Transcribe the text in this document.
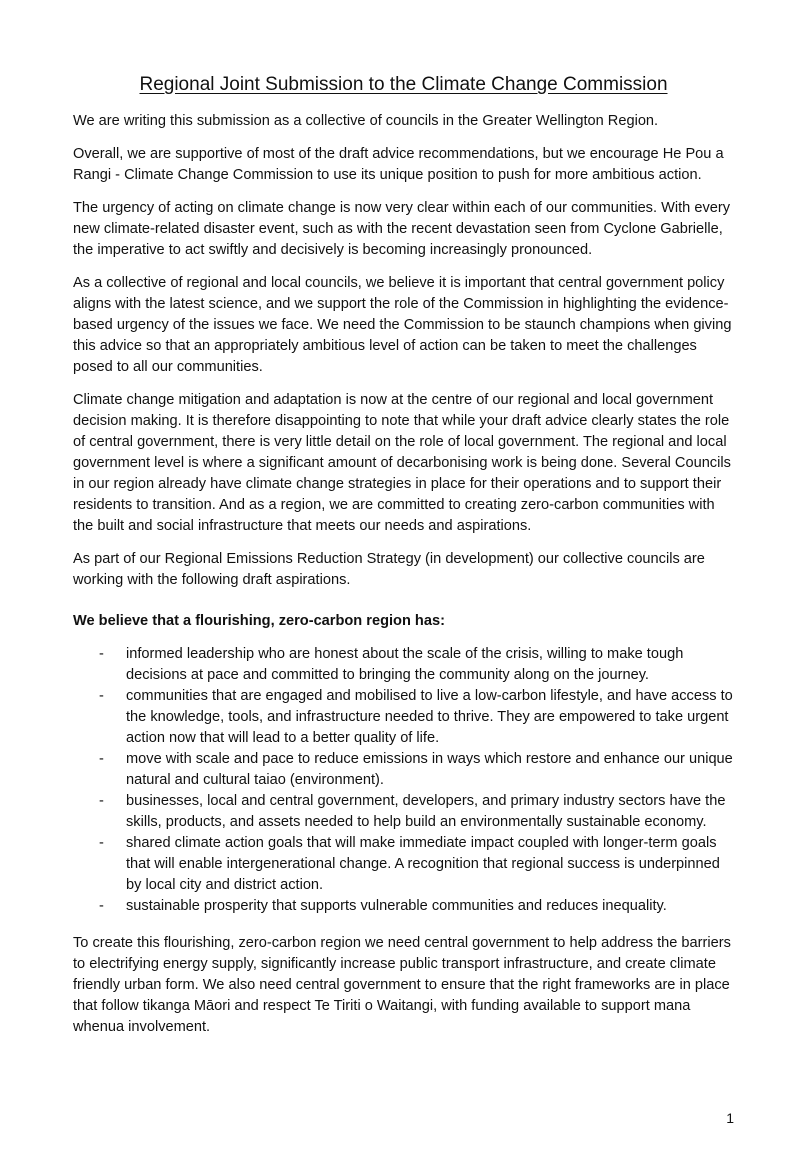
Regional Joint Submission to the Climate Change Commission

We are writing this submission as a collective of councils in the Greater Wellington Region.

Overall, we are supportive of most of the draft advice recommendations, but we encourage He Pou a Rangi - Climate Change Commission to use its unique position to push for more ambitious action.

The urgency of acting on climate change is now very clear within each of our communities. With every new climate-related disaster event, such as with the recent devastation seen from Cyclone Gabrielle, the imperative to act swiftly and decisively is becoming increasingly pronounced.

As a collective of regional and local councils, we believe it is important that central government policy aligns with the latest science, and we support the role of the Commission in highlighting the evidence-based urgency of the issues we face. We need the Commission to be staunch champions when giving this advice so that an appropriately ambitious level of action can be taken to meet the challenges posed to all our communities.

Climate change mitigation and adaptation is now at the centre of our regional and local government decision making. It is therefore disappointing to note that while your draft advice clearly states the role of central government, there is very little detail on the role of local government. The regional and local government level is where a significant amount of decarbonising work is being done. Several Councils in our region already have climate change strategies in place for their operations and to support their residents to transition. And as a region, we are committed to creating zero-carbon communities with the built and social infrastructure that meets our needs and aspirations.

As part of our Regional Emissions Reduction Strategy (in development) our collective councils are working with the following draft aspirations.

We believe that a flourishing, zero-carbon region has:

- informed leadership who are honest about the scale of the crisis, willing to make tough decisions at pace and committed to bringing the community along on the journey.
- communities that are engaged and mobilised to live a low-carbon lifestyle, and have access to the knowledge, tools, and infrastructure needed to thrive. They are empowered to take urgent action now that will lead to a better quality of life.
- move with scale and pace to reduce emissions in ways which restore and enhance our unique natural and cultural taiao (environment).
- businesses, local and central government, developers, and primary industry sectors have the skills, products, and assets needed to help build an environmentally sustainable economy.
- shared climate action goals that will make immediate impact coupled with longer-term goals that will enable intergenerational change. A recognition that regional success is underpinned by local city and district action.
- sustainable prosperity that supports vulnerable communities and reduces inequality.

To create this flourishing, zero-carbon region we need central government to help address the barriers to electrifying energy supply, significantly increase public transport infrastructure, and create climate friendly urban form. We also need central government to ensure that the right frameworks are in place that follow tikanga Māori and respect Te Tiriti o Waitangi, with funding available to support mana whenua involvement.

1
